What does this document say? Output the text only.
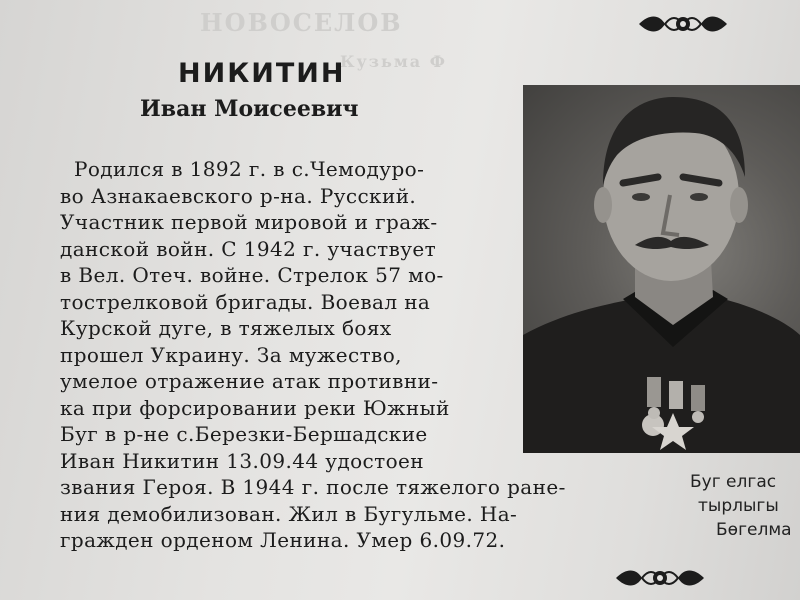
НОВОСЕЛОВ
Кузьма Ф
НИКИТИН
Иван Моисеевич
Родился в 1892 г. в с.Чемодуро-
во Азнакаевского р-на. Русский.
Участник первой мировой и граж-
данской войн. С 1942 г. участвует
в Вел. Отеч. войне. Стрелок 57 мо-
тострелковой бригады. Воевал на
Курской дуге, в тяжелых боях
прошел Украину. За мужество,
умелое отражение атак противни-
ка при форсировании реки Южный
Буг в р-не с.Березки-Бершадские
Иван Никитин 13.09.44 удостоен
звания Героя. В 1944 г. после тяжелого ране-
ния демобилизован. Жил в Бугульме. На-
гражден орденом Ленина. Умер 6.09.72.
Буг елгас
тырлыгы
Бөгелма
